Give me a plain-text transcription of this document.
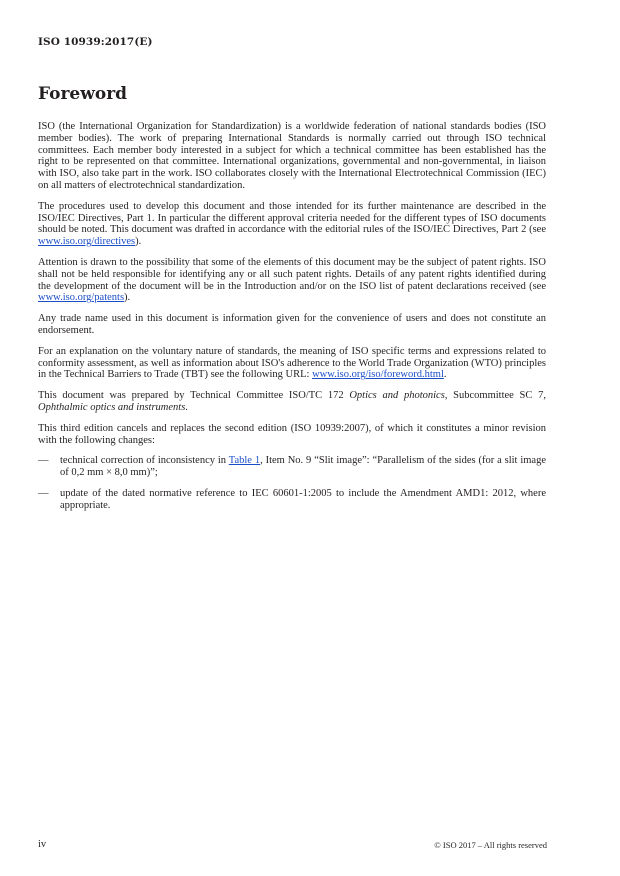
ISO 10939:2017(E)
Foreword

ISO (the International Organization for Standardization) is a worldwide federation of national standards bodies (ISO member bodies). The work of preparing International Standards is normally carried out through ISO technical committees. Each member body interested in a subject for which a technical committee has been established has the right to be represented on that committee. International organizations, governmental and non-governmental, in liaison with ISO, also take part in the work. ISO collaborates closely with the International Electrotechnical Commission (IEC) on all matters of electrotechnical standardization.

The procedures used to develop this document and those intended for its further maintenance are described in the ISO/IEC Directives, Part 1. In particular the different approval criteria needed for the different types of ISO documents should be noted. This document was drafted in accordance with the editorial rules of the ISO/IEC Directives, Part 2 (see www.iso.org/directives).

Attention is drawn to the possibility that some of the elements of this document may be the subject of patent rights. ISO shall not be held responsible for identifying any or all such patent rights. Details of any patent rights identified during the development of the document will be in the Introduction and/or on the ISO list of patent declarations received (see www.iso.org/patents).

Any trade name used in this document is information given for the convenience of users and does not constitute an endorsement.

For an explanation on the voluntary nature of standards, the meaning of ISO specific terms and expressions related to conformity assessment, as well as information about ISO's adherence to the World Trade Organization (WTO) principles in the Technical Barriers to Trade (TBT) see the following URL: www.iso.org/iso/foreword.html.

This document was prepared by Technical Committee ISO/TC 172 Optics and photonics, Subcommittee SC 7, Ophthalmic optics and instruments.

This third edition cancels and replaces the second edition (ISO 10939:2007), of which it constitutes a minor revision with the following changes:

—	technical correction of inconsistency in Table 1, Item No. 9 “Slit image”: “Parallelism of the sides (for a slit image of 0,2 mm × 8,0 mm)”;
—	update of the dated normative reference to IEC 60601-1:2005 to include the Amendment AMD1: 2012, where appropriate.
iv	© ISO 2017 – All rights reserved
